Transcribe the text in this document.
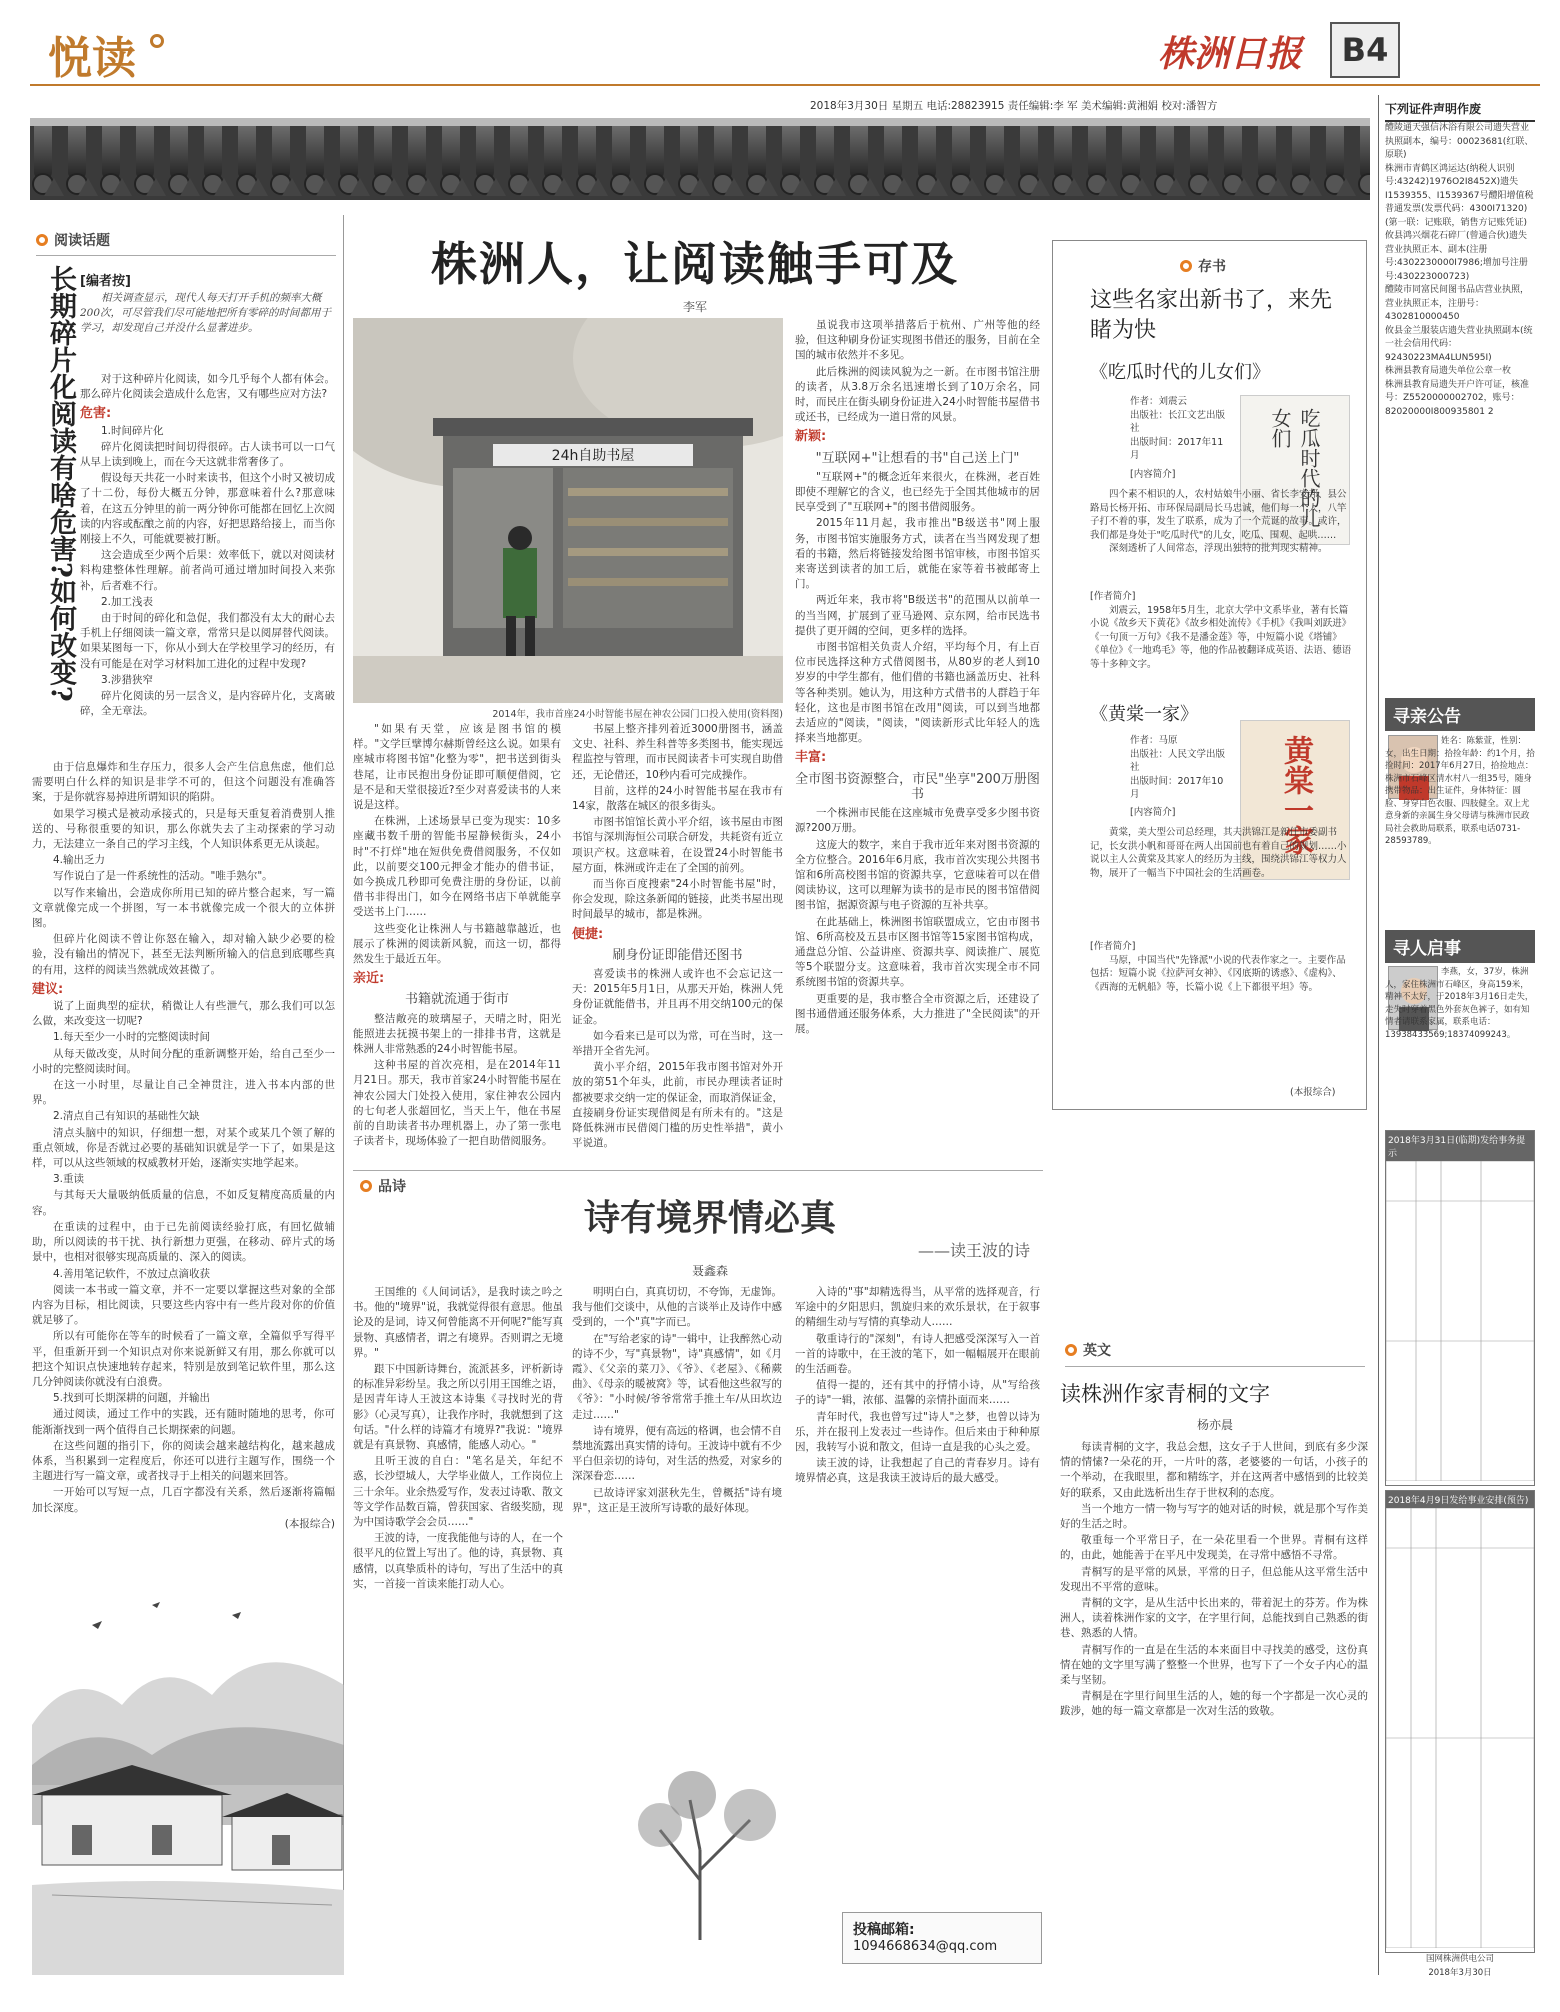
悦读	株洲日报	B4
2018年3月30日 星期五 电话:28823915 责任编辑:李 军 美术编辑:黄湘娟 校对:潘智方
阅读话题
长期碎片化阅读有啥危害?如何改变? [编者按]
相关调查显示，现代人每天打开手机的频率大概200次，可尽管我们尽可能地把所有零碎的时间都用于学习，却发现自己并没什么显著进步。

对于这种碎片化阅读，如今几乎每个人都有体会。那么碎片化阅读会造成什么危害，又有哪些应对方法?

危害:

1.时间碎片化

碎片化阅读把时间切得很碎。古人读书可以一口气从早上读到晚上，而在今天这就非常奢侈了。

假设每天共花一小时来读书，但这个小时又被切成了十二份，每份大概五分钟，那意味着什么?那意味着，在这五分钟里的前一两分钟你可能都在回忆上次阅读的内容或酝酿之前的内容，好把思路给接上，而当你刚接上不久，可能就要被打断。

这会造成至少两个后果：效率低下，就以对阅读材料构建整体性理解。前者尚可通过增加时间投入来弥补，后者难不行。

2.加工浅表

由于时间的碎化和急促，我们都没有太大的耐心去手机上仔细阅读一篇文章，常常只是以阅屏替代阅读。如果某图每一下，你从小到大在学校里学习的经历，有没有可能是在对学习材料加工进化的过程中发现?

3.涉猎狭窄

碎片化阅读的另一层含义，是内容碎片化，支离破碎，全无章法。

由于信息爆炸和生存压力，很多人会产生信息焦虑，他们总需要明白什么样的知识是非学不可的，但这个问题没有准确答案，于是你就容易掉进所谓知识的陷阱。

如果学习模式是被动承接式的，只是每天重复着消费别人推送的、号称很重要的知识，那么你就失去了主动探索的学习动力，无法建立一条自己的学习主线，个人知识体系更无从谈起。

4.输出乏力

写作说白了是一件系统性的活动。"唯手熟尔"。

以写作来输出，会造成你所用已知的碎片整合起来，写一篇文章就像完成一个拼图，写一本书就像完成一个很大的立体拼图。

但碎片化阅读不曾让你怒在输入，却对输入缺少必要的检验，没有输出的情况下，甚至无法判断所输入的信息到底哪些真的有用，这样的阅读当然就成效甚微了。

建议:

说了上面典型的症状，稍微让人有些泄气，那么我们可以怎么做，来改变这一切呢?

1.每天至少一小时的完整阅读时间

从每天做改变，从时间分配的重新调整开始，给自己至少一小时的完整阅读时间。

在这一小时里，尽量让自己全神贯注，进入书本内部的世界。

2.清点自己有知识的基础性欠缺

清点头脑中的知识，仔细想一想，对某个或某几个领了解的重点领域，你是否就过必要的基础知识就是学一下了，如果是这样，可以从这些领域的权威教材开始，逐渐实实地学起来。

3.重读

与其每天大量吸纳低质量的信息，不如反复精度高质量的内容。

在重读的过程中，由于已先前阅读经验打底，有回忆做辅助，所以阅读的书干扰、执行新想力更强，在移动、碎片式的场景中，也相对很够实现高质量的、深入的阅读。

4.善用笔记软件，不放过点滴收获

阅读一本书或一篇文章，并不一定要以掌握这些对象的全部内容为目标，相比阅读，只要这些内容中有一些片段对你的价值就足够了。

所以有可能你在等车的时候看了一篇文章，全篇似乎写得平平，但重新开到一个知识点对你来说新鲜又有用，那么你就可以把这个知识点快速地转存起来，特别是放到笔记软件里，那么这几分钟阅读你就没有白浪费。

5.找到可长期深耕的问题，并输出

通过阅读，通过工作中的实践，还有随时随地的思考，你可能渐渐找到一两个值得自己长期探索的问题。

在这些问题的指引下，你的阅读会越来越结构化，越来越成体系，当积累到一定程度后，你还可以进行主题写作，围绕一个主题进行写一篇文章，或者找寻于上相关的问题来回答。

一开始可以写短一点，几百字都没有关系，然后逐渐将篇幅加长深度。

(本报综合)
株洲人，让阅读触手可及
李军
24h自助书屋
2014年，我市首座24小时智能书屋在神农公园门口投入使用(资料图)

虽说我市这项举措落后于杭州、广州等他的经验，但这种刷身份证实现图书借还的服务，目前在全国的城市依然并不多见。

此后株洲的阅读风貌为之一新。在市图书馆注册的读者，从3.8万余名迅速增长到了10万余名，同时，而民庄在街头刷身份证进入24小时智能书屋借书或还书，已经成为一道日常的风景。

新颖:
"互联网+"让想看的书"自己送上门"

"互联网+"的概念近年来很火，在株洲，老百姓即使不理解它的含义，也已经先于全国其他城市的居民享受到了"互联网+"的图书借阅服务。

2015年11月起，我市推出"B级送书"网上服务，市图书馆实施服务方式，读者在当当网发现了想看的书籍，然后将链接发给图书馆审核，市图书馆买来寄送到读者的加工后，就能在家等着书被邮寄上门。

两近年来，我市将"B级送书"的范围从以前单一的当当网，扩展到了亚马逊网、京东网，给市民选书提供了更开阔的空间，更多样的选择。

市图书馆相关负责人介绍，平均每个月，有上百位市民选择这种方式借阅图书，从80岁的老人到10岁岁的中学生都有，他们借的书籍也涵盖历史、社科等各种类别。她认为，用这种方式借书的人群趋于年轻化，这也是市图书馆在改用"阅读，可以到当地都去适应的"阅读，"阅读，"阅读新形式比年轻人的选择来当地都更。

丰富:
全市图书资源整合，市民"坐享"200万册图书

一个株洲市民能在这座城市免费享受多少图书资源?200万册。

这庞大的数字，来自于我市近年来对图书资源的全方位整合。2016年6月底，我市首次实现公共图书馆和6所高校图书馆的资源共享，它意味着可以在借阅读协议，这可以理解为读书的是市民的图书馆借阅图书馆，据源资源与电子资源的互补共享。

在此基础上，株洲图书馆联盟成立，它由市图书馆、6所高校及五县市区图书馆等15家图书馆构成，通盘总分馆、公益讲座、资源共享、阅读推广、展览等5个联盟分支。这意味着，我市首次实现全市不同系统图书馆的资源共享。

更重要的是，我市整合全市资源之后，还建设了图书通借通还服务体系，大力推进了"全民阅读"的开展。

"如果有天堂，应该是图书馆的模样。"文学巨擘博尔赫斯曾经这么说。如果有座城市将图书馆"化整为零"，把书送到街头巷尾，让市民抱出身份证即可顺便借阅，它是不是和天堂很接近?至少对喜爱读书的人来说是这样。

在株洲，上述场景早已变为现实：10多座藏书数千册的智能书屋静候街头，24小时"不打烊"地在短供免费借阅服务，不仅如此，以前要交100元押金才能办的借书证，如今换成几秒即可免费注册的身份证，以前借书非得出门，如今在网络书店下单就能享受送书上门……

这些变化让株洲人与书籍越靠越近，也展示了株洲的阅读新风貌，而这一切，都得然发生于最近五年。

亲近:
书籍就流通于街市

整洁敞亮的玻璃屋子，天晴之时，阳光能照进去抚摸书架上的一排排书背，这就是株洲人非常熟悉的24小时智能书屋。

这种书屋的首次亮相，是在2014年11月21日。那天，我市首家24小时智能书屋在神农公园大门处投入使用，家住神农公园内的七旬老人张超回忆，当天上午，他在书屋前的自助读者书办理机器上，办了第一张电子读者卡，现场体验了一把自助借阅服务。

书屋上整齐排列着近3000册图书，涵盖文史、社科、养生科普等多类图书，能实现远程监控与管理，而市民阅读者卡可实现自助借还，无论借还，10秒内看可完成操作。

目前，这样的24小时智能书屋在我市有14家，散落在城区的很多街头。

市图书馆馆长黄小平介绍，该书屋由市图书馆与深圳海恒公司联合研发，共耗资有近立项识产权。这意味着，在设置24小时智能书屋方面，株洲或许走在了全国的前列。

而当你百度搜索"24小时智能书屋"时，你会发现，除这条新闻的链接，此类书屋出现时间最早的城市，都是株洲。

便捷:
刷身份证即能借还图书

喜爱读书的株洲人或许也不会忘记这一天：2015年5月1日，从那天开始，株洲人凭身份证就能借书，并且再不用交纳100元的保证金。

如今看来已是可以为常，可在当时，这一举措开全省先河。

黄小平介绍，2015年我市图书馆对外开放的第51个年头，此前，市民办理读者证时都被要求交纳一定的保证金，而取消保证金，直接刷身份证实现借阅是有所未有的。"这是降低株洲市民借阅门槛的历史性举措"，黄小平说道。

品诗
诗有境界情必真
——读王波的诗
聂鑫森

王国维的《人间词话》，是我时读之吟之书。他的"境界"说，我就觉得很有意思。他虽论及的是词，诗又何曾能离不开何呢?"能写真景物、真感情者，谓之有境界。否则谓之无境界。"

跟下中国新诗舞台，流派甚多，评析新诗的标准异彩纷呈。我之所以引用王国维之语，是因青年诗人王波这本诗集《寻找时光的背影》（心灵写真），让我作序时，我就想到了这句话。"什么样的诗篇才有境界?"我说："境界就是有真景物、真感情，能感人动心。"

且听王波的自白："笔名是关，年纪不惑，长沙望城人，大学毕业做人，工作岗位上三十余年。业余热爱写作，发表过诗歌、散文等文学作品数百篇，曾获国家、省级奖励，现为中国诗歌学会会员……"

王波的诗，一度我能他与诗的人，在一个很平凡的位置上写出了。他的诗，真景物、真感情，以真挚质朴的诗句，写出了生活中的真实，一首接一首读来能打动人心。

明明白白，真真切切，不夸饰，无虚饰。我与他们交谈中，从他的言谈举止及诗作中感受到的，一个"真"字而已。

在"写给老家的诗"一辑中，让我醉然心动的诗不少，写"真景物"，诗"真感情"，如《月霞》、《父亲的菜刀》、《爷》、《老屋》、《稀蕨曲》、《母亲的暖被窝》等，试看他这些叙写的《爷》："小时候/爷爷常常手推土车/从田坎边走过……"

诗有境界，便有高远的格调，也会情不自禁地流露出真实情的诗句。王波诗中就有不少平白但亲切的诗句，对生活的热爱，对家乡的深深眷恋……

已故诗评家刘湛秋先生，曾概括"诗有境界"，这正是王波所写诗歌的最好体现。

入诗的"事"却精选得当，从平常的选择观音，行军途中的夕阳思归，凯旋归来的欢乐景状，在于叙事的精细生动与写情的真挚动人……

敬重诗行的"深刻"，有诗人把感受深深写入一首一首的诗歌中，在王波的笔下，如一幅幅展开在眼前的生活画卷。

值得一提的，还有其中的抒情小诗，从"写给孩子的诗"一辑，浓郁、温馨的亲情扑面而来……

青年时代，我也曾写过"诗人"之梦，也曾以诗为乐，并在报刊上发表过一些诗作。但后来由于种种原因，我转写小说和散文，但诗一直是我的心头之爱。

读王波的诗，让我想起了自己的青春岁月。诗有境界情必真，这是我读王波诗后的最大感受。

投稿邮箱:
1094668634@qq.com
存书
这些名家出新书了，来先睹为快
《吃瓜时代的儿女们》
作者：刘震云
出版社：长江文艺出版社
出版时间：2017年11月	吃瓜时代的儿女们
[内容简介]
四个素不相识的人，农村姑娘牛小丽、省长李安邦、县公路局长杨开拓、市环保局副局长马忠诚，他们每一个人，八竿子打不着的事，发生了联系，成为了一个荒诞的故事。或许，我们都是身处于"吃瓜时代"的儿女，吃瓜、围观、起哄……
深刻透析了人间常态，浮现出独特的批判现实精神。
[作者简介]
刘震云，1958年5月生，北京大学中文系毕业，著有长篇小说《故乡天下黄花》《故乡相处流传》《手机》《我叫刘跃进》《一句顶一万句》《我不是潘金莲》等，中短篇小说《塔铺》《单位》《一地鸡毛》等，他的作品被翻译成英语、法语、德语等十多种文字。
《黄棠一家》
作者：马原
出版社：人民文学出版社
出版时间：2017年10月	黄棠一家
[内容简介]
黄棠，美大型公司总经理，其夫洪锦江是新任市委副书记，长女洪小帆和哥哥在两人出国前也有着自己的规划……小说以主人公黄棠及其家人的经历为主线，围绕洪锦江等权力人物，展开了一幅当下中国社会的生活画卷。
[作者简介]
马原，中国当代"先锋派"小说的代表作家之一。主要作品包括：短篇小说《拉萨河女神》、《冈底斯的诱惑》、《虚构》、《西海的无帆船》等，长篇小说《上下都很平坦》等。
(本报综合)
英文
读株洲作家青桐的文字
杨亦晨

每读青桐的文字，我总会想，这女子于人世间，到底有多少深情的情愫?一朵花的开，一片叶的落，老婆婆的一句话，小孩子的一个举动，在我眼里，都和精练字，并在这两者中感悟到的比较美好的联系，又由此选析出生存于世权利的态度。

当一个地方一情一物与写字的她对话的时候，就是那个写作美好的生活之时。

敬重每一个平常日子，在一朵花里看一个世界。青桐有这样的，由此，她能善于在平凡中发现美，在寻常中感悟不寻常。

青桐写的是平常的风景，平常的日子，但总能从这平常生活中发现出不平常的意味。

青桐的文字，是从生活中长出来的，带着泥土的芬芳。作为株洲人，读着株洲作家的文字，在字里行间，总能找到自己熟悉的街巷、熟悉的人情。

青桐写作的一直是在生活的本来面目中寻找美的感受，这份真情在她的文字里写满了整整一个世界，也写下了一个女子内心的温柔与坚韧。

青桐是在字里行间里生活的人，她的每一个字都是一次心灵的跋涉，她的每一篇文章都是一次对生活的致敬。

下列证件声明作废
醴陵通天强信沐浴有限公司遗失营业执照副本，编号：00023681(红联、原联)
株洲市青鹤区鸿运达(纳税人识别号:43242)1976O2I8452X)遗失I1539355、I1539367号醴阳增值税普通发票(发票代码：4300I71320)(第一联：记账联，销售方记账凭证)
攸县鸿兴烟花石碎厂(曾通合伙)遗失营业执照正本、副本(注册号:4302230000I7986;增加号注册号:430223000723)
醴陵市同富民间图书品店营业执照，营业执照正本，注册号：4302810000450
攸县金兰服装店遗失营业执照副本(统一社会信用代码：92430223MA4LUN595I)
株洲县教育局遗失单位公章一枚
株洲县教育局遗失开户许可证，核准号：Z5520000002702，账号：82020000I800935801 2
寻亲公告
姓名：陈紫萱，性别：女，出生日期：拾捡年龄：约1个月，拾捡时间：2017年6月27日，拾捡地点：株洲市石峰区清水村八一组35号，随身携带物品：出生证件，身体特征：圆脸、身穿白色衣服、四肢健全。双上尤意身新的亲属生身父母请与株洲市民政局社会救助局联系，联系电话0731-28593789。
寻人启事
李燕，女，37岁，株洲人，家住株洲市石峰区，身高159米，精神不太好，于2018年3月16日走失，走失时穿着黑色外套灰色裤子，如有知情者请联系家属，联系电话：13938433569;18374099243。
2018年3月31日(临期)发给事务提示
2018年4月9日发给事业安排(预告)
国网株洲供电公司
2018年3月30日
